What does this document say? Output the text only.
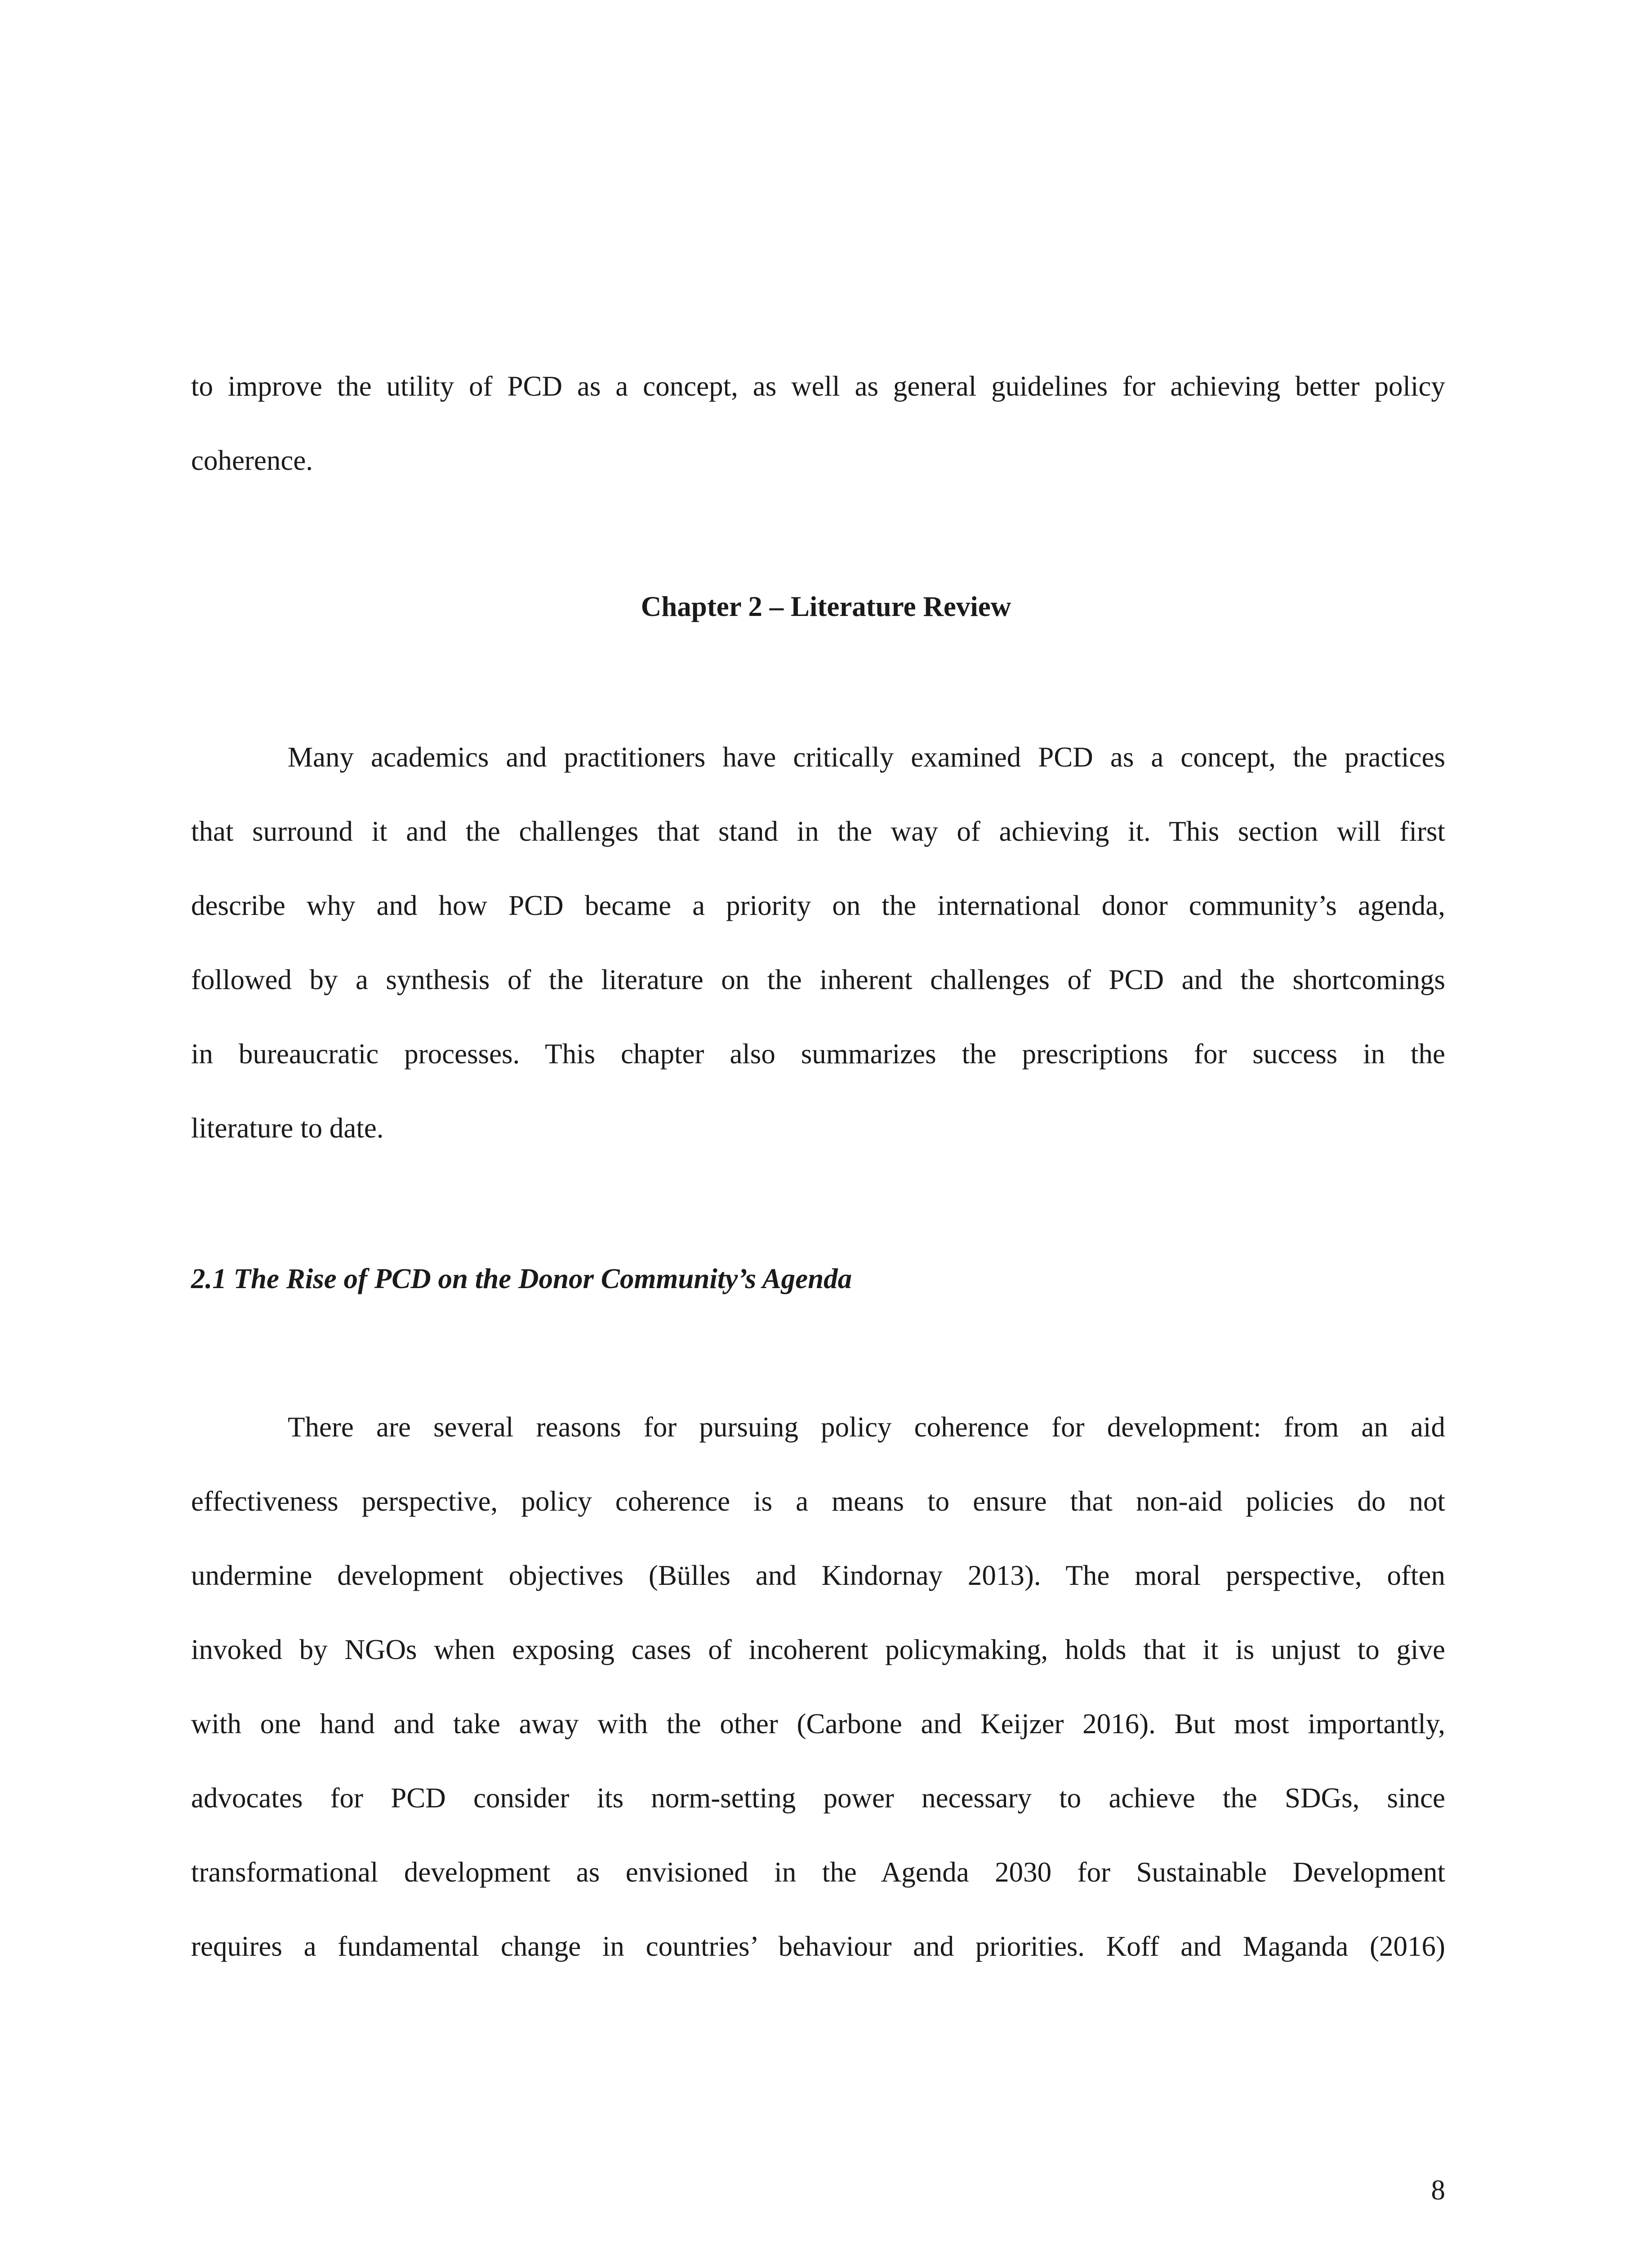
to improve the utility of PCD as a concept, as well as general guidelines for achieving better policy
coherence.
Chapter 2 – Literature Review
Many academics and practitioners have critically examined PCD as a concept, the practices
that surround it and the challenges that stand in the way of achieving it. This section will first
describe why and how PCD became a priority on the international donor community’s agenda,
followed by a synthesis of the literature on the inherent challenges of PCD and the shortcomings
in bureaucratic processes. This chapter also summarizes the prescriptions for success in the
literature to date.
2.1 The Rise of PCD on the Donor Community’s Agenda
There are several reasons for pursuing policy coherence for development: from an aid
effectiveness perspective, policy coherence is a means to ensure that non-aid policies do not
undermine development objectives (Bülles and Kindornay 2013). The moral perspective, often
invoked by NGOs when exposing cases of incoherent policymaking, holds that it is unjust to give
with one hand and take away with the other (Carbone and Keijzer 2016). But most importantly,
advocates for PCD consider its norm-setting power necessary to achieve the SDGs, since
transformational development as envisioned in the Agenda 2030 for Sustainable Development
requires a fundamental change in countries’ behaviour and priorities. Koff and Maganda (2016)
8
